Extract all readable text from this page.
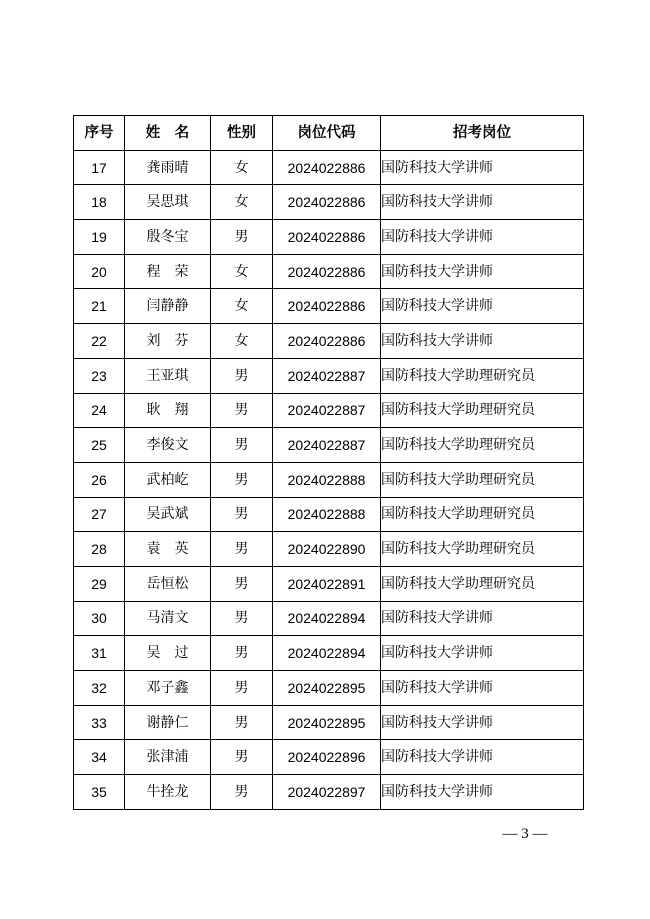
序号	姓　名	性别	岗位代码	招考岗位
17	龚雨晴	女	2024022886	国防科技大学讲师
18	吴思琪	女	2024022886	国防科技大学讲师
19	殷冬宝	男	2024022886	国防科技大学讲师
20	程　荣	女	2024022886	国防科技大学讲师
21	闫静静	女	2024022886	国防科技大学讲师
22	刘　芬	女	2024022886	国防科技大学讲师
23	王亚琪	男	2024022887	国防科技大学助理研究员
24	耿　翔	男	2024022887	国防科技大学助理研究员
25	李俊文	男	2024022887	国防科技大学助理研究员
26	武柏屹	男	2024022888	国防科技大学助理研究员
27	吴武斌	男	2024022888	国防科技大学助理研究员
28	袁　英	男	2024022890	国防科技大学助理研究员
29	岳恒松	男	2024022891	国防科技大学助理研究员
30	马清文	男	2024022894	国防科技大学讲师
31	吴　过	男	2024022894	国防科技大学讲师
32	邓子鑫	男	2024022895	国防科技大学讲师
33	谢静仁	男	2024022895	国防科技大学讲师
34	张津浦	男	2024022896	国防科技大学讲师
35	牛拴龙	男	2024022897	国防科技大学讲师
— 3 —
